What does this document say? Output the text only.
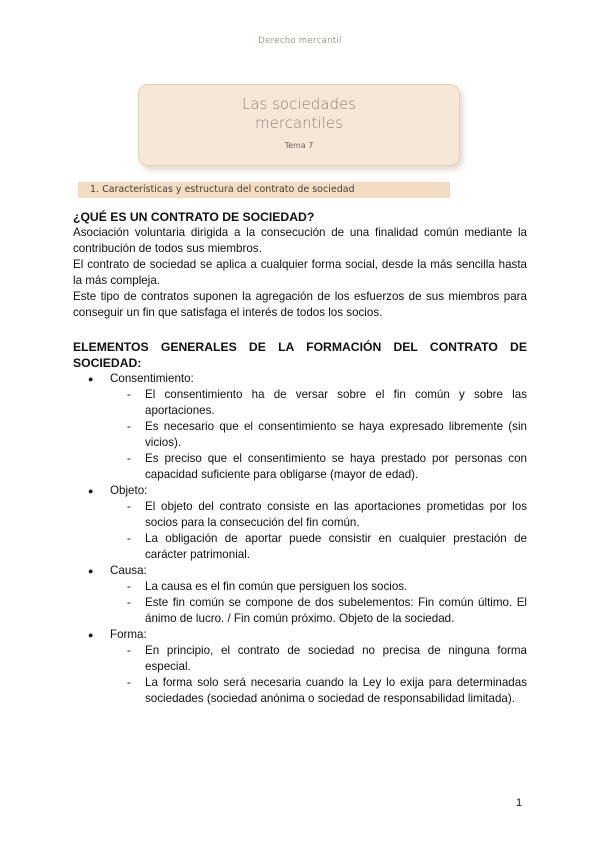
Derecho mercantil
Las sociedades mercantiles
Tema 7
1. Características y estructura del contrato de sociedad
¿QUÉ ES UN CONTRATO DE SOCIEDAD?
Asociación voluntaria dirigida a la consecución de una finalidad común mediante la contribución de todos sus miembros.
El contrato de sociedad se aplica a cualquier forma social, desde la más sencilla hasta la más compleja.
Este tipo de contratos suponen la agregación de los esfuerzos de sus miembros para conseguir un fin que satisfaga el interés de todos los socios.
ELEMENTOS GENERALES DE LA FORMACIÓN DEL CONTRATO DE SOCIEDAD:
● Consentimiento:
- El consentimiento ha de versar sobre el fin común y sobre las aportaciones.
- Es necesario que el consentimiento se haya expresado libremente (sin vicios).
- Es preciso que el consentimiento se haya prestado por personas con capacidad suficiente para obligarse (mayor de edad).
● Objeto:
- El objeto del contrato consiste en las aportaciones prometidas por los socios para la consecución del fin común.
- La obligación de aportar puede consistir en cualquier prestación de carácter patrimonial.
● Causa:
- La causa es el fin común que persiguen los socios.
- Este fin común se compone de dos subelementos: Fin común último. El ánimo de lucro. / Fin común próximo. Objeto de la sociedad.
● Forma:
- En principio, el contrato de sociedad no precisa de ninguna forma especial.
- La forma solo será necesaria cuando la Ley lo exija para determinadas sociedades (sociedad anónima o sociedad de responsabilidad limitada).
1
